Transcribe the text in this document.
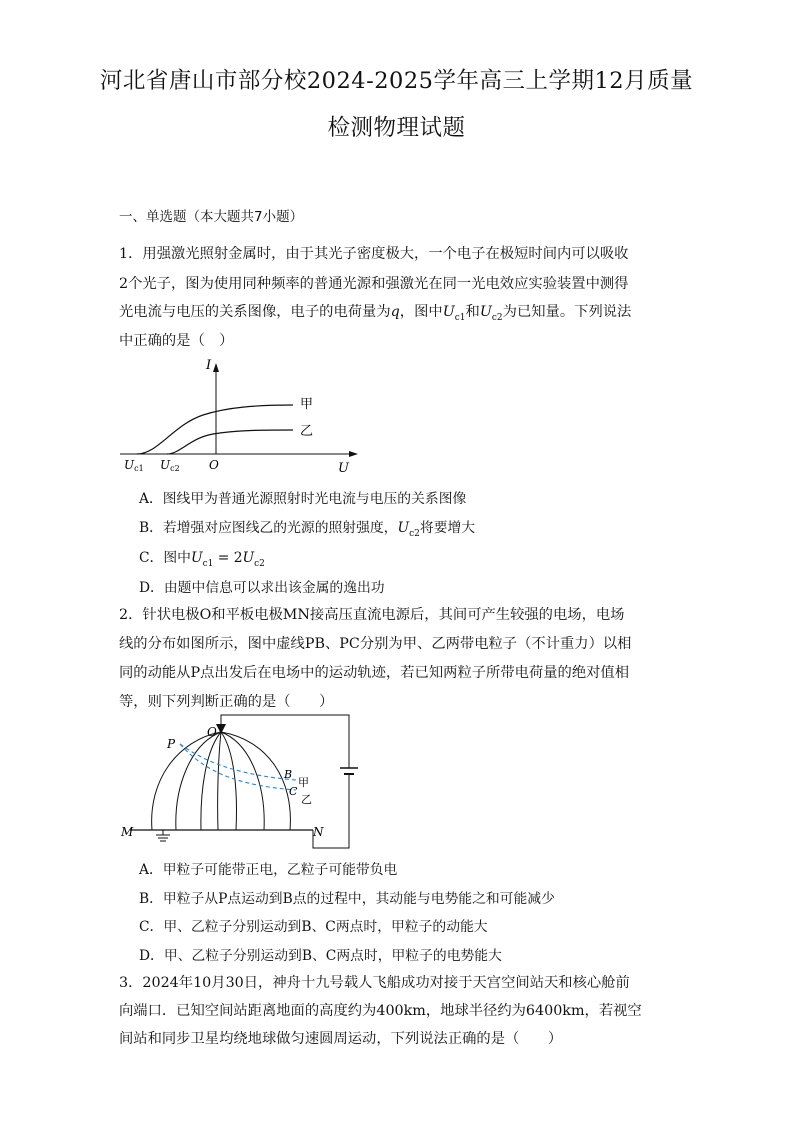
河北省唐山市部分校2024-2025学年高三上学期12月质量
检测物理试题
一、单选题（本大题共7小题）
1．用强激光照射金属时，由于其光子密度极大，一个电子在极短时间内可以吸收
2个光子，图为使用同种频率的普通光源和强激光在同一光电效应实验装置中测得
光电流与电压的关系图像，电子的电荷量为q，图中$U_{c1}$和$U_{c2}$为已知量。下列说法
中正确的是（　）
I
U
O
Uc1 Uc2
甲
乙
A．图线甲为普通光源照射时光电流与电压的关系图像
B．若增强对应图线乙的光源的照射强度，$U_{c2}$将要增大
C．图中$U_{c1} = 2U_{c2}$
D．由题中信息可以求出该金属的逸出功
2．针状电极O和平板电极MN接高压直流电源后，其间可产生较强的电场，电场
线的分布如图所示，图中虚线PB、PC分别为甲、乙两带电粒子（不计重力）以相
同的动能从P点出发后在电场中的运动轨迹，若已知两粒子所带电荷量的绝对值相
等，则下列判断正确的是（　　）
P
O
B
甲
C
乙
M	N
A．甲粒子可能带正电，乙粒子可能带负电
B．甲粒子从P点运动到B点的过程中，其动能与电势能之和可能减少
C．甲、乙粒子分别运动到B、C两点时，甲粒子的动能大
D．甲、乙粒子分别运动到B、C两点时，甲粒子的电势能大
3．2024年10月30日，神舟十九号载人飞船成功对接于天宫空间站天和核心舱前
向端口．已知空间站距离地面的高度约为400km，地球半径约为6400km，若视空
间站和同步卫星均绕地球做匀速圆周运动，下列说法正确的是（　　）
